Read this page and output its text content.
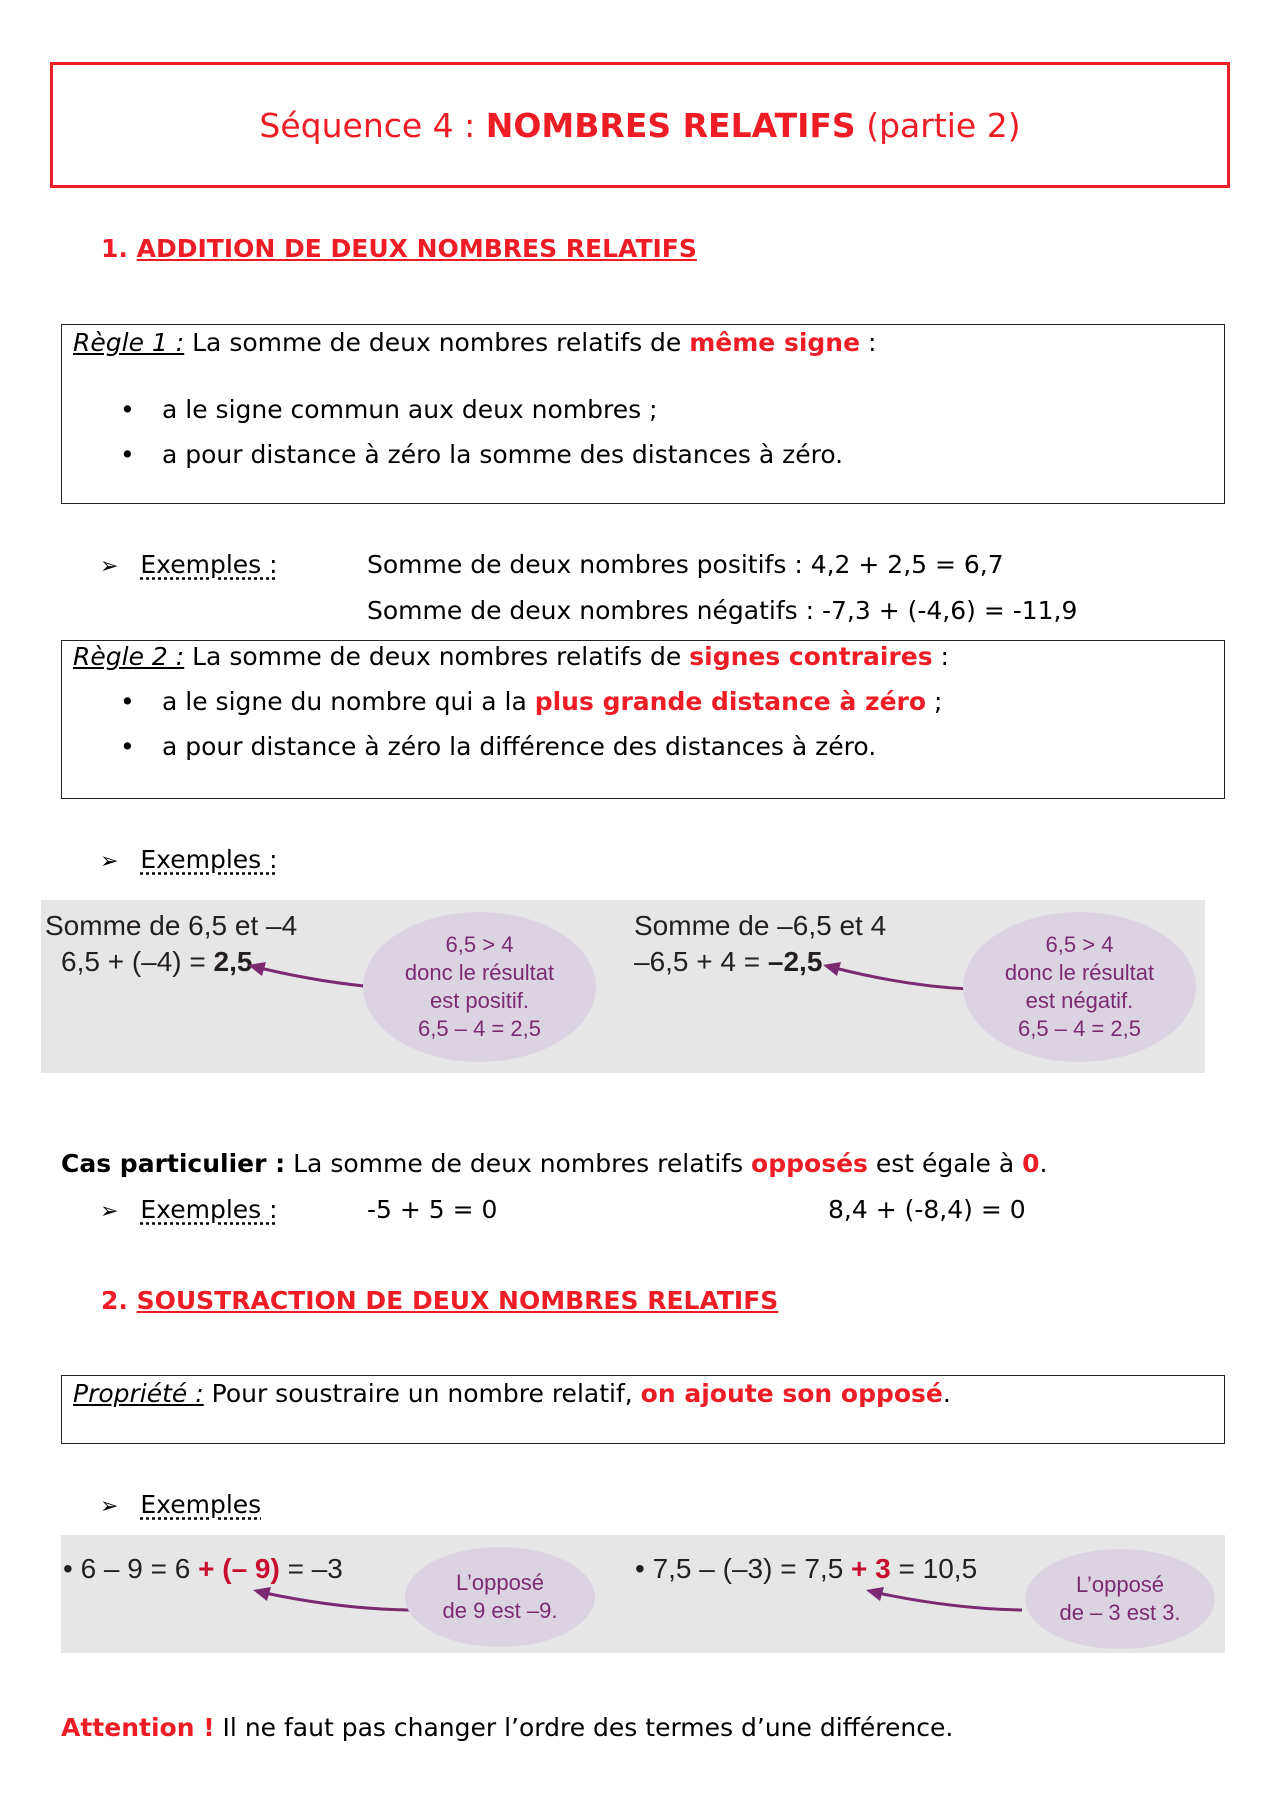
Séquence 4 : NOMBRES RELATIFS (partie 2)
1. ADDITION DE DEUX NOMBRES RELATIFS
Règle 1 : La somme de deux nombres relatifs de même signe :
• a le signe commun aux deux nombres ;
• a pour distance à zéro la somme des distances à zéro.
➢ Exemples :	Somme de deux nombres positifs : 4,2 + 2,5 = 6,7
Somme de deux nombres négatifs : -7,3 + (-4,6) = -11,9
Règle 2 : La somme de deux nombres relatifs de signes contraires :
• a le signe du nombre qui a la plus grande distance à zéro ;
• a pour distance à zéro la différence des distances à zéro.
➢ Exemples :
Somme de 6,5 et –4
6,5 + (–4) = 2,5
6,5 > 4
donc le résultat
est positif.
6,5 – 4 = 2,5
Somme de –6,5 et 4
–6,5 + 4 = –2,5
6,5 > 4
donc le résultat
est négatif.
6,5 – 4 = 2,5
Cas particulier : La somme de deux nombres relatifs opposés est égale à 0.
➢ Exemples :	-5 + 5 = 0	8,4 + (-8,4) = 0
2. SOUSTRACTION DE DEUX NOMBRES RELATIFS
Propriété : Pour soustraire un nombre relatif, on ajoute son opposé.
➢ Exemples
• 6 – 9 = 6 + (– 9) = –3	L’opposé
de 9 est –9.
• 7,5 – (–3) = 7,5 + 3 = 10,5
L’opposé
de – 3 est 3.
Attention ! Il ne faut pas changer l’ordre des termes d’une différence.
